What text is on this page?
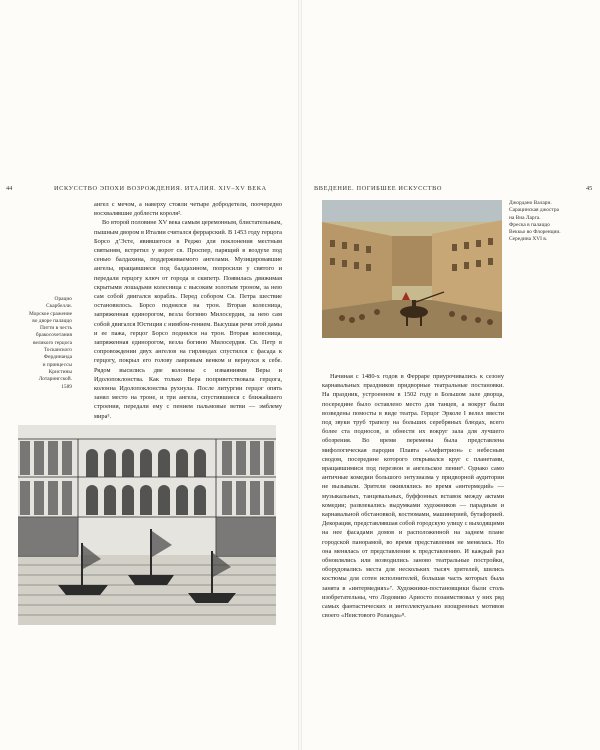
44	ИСКУССТВО ЭПОХИ ВОЗРОЖДЕНИЯ. ИТАЛИЯ. XIV–XV ВЕКА

ангел с мечом, а наверху стояли четыре добродетели, поочередно восхвалявшие доблести короля².

Во второй половине XV века самым церемонным, блистательным, пышным двором в Италии считался феррарский. В 1453 году герцога Борсо д’Эсте, явившегося в Реджо для поклонения местным святыням, встретил у ворот св. Проспер, парящий в воздухе под сенью балдахина, поддерживаемого ангелами. Музицировавшие ангелы, вращавшиеся под балдахином, попросили у святого и передали герцогу ключ от города и скипетр. Появилась движимая скрытыми лошадьми колесница с высоким золотым троном, за нею сам собой двигался корабль. Перед собором Св. Петра шествие остановилось. Борсо поднялся на трон. Вторая колесница, запряженная единорогом, везла богиню Милосердия, за нею сам собой двигался Юстиция с нимбом-гением. Высушая речи этой дамы и ее пажа, герцог Борсо поднялся на трон. Вторая колесница, запряженная единорогом, везла богиню Милосердия. Св. Петр в сопровождении двух ангелов на гирляндах спустился с фасада к герцогу, покрыл его голову лавровым венком и вернулся к себе. Рядом высились две колонны с изваяниями Веры и Идолопоклонства. Как только Вера поприветствовала герцога, колонна Идолопоклонства рухнула. После литургии герцог опять занял место на троне, и три ангела, спустившиеся с ближайшего строения, передали ему с пением пальмовые ветви — эмблему мира⁵.

Орацио

Скарбелли.

Морское сражение

во дворе палаццо

Питти в честь

бракосочетания

великого герцога

Тосканского

Фердинанда

и принцессы

Кристины

Лотарингской.

1589

ВВЕДЕНИЕ. ПОГИБШЕЕ ИСКУССТВО	45

Джордано Валари.

Сарацинская джостра

на Виа Ларга.

Фреска в палаццо

Веккьо во Флоренции.

Середина XVI в.

Начиная с 1480-х годов в Ферраре приурочивались к сезону карнавальных праздников придворные театральные постановки. На праздник, устроенном в 1502 году в Большом зале дворца, посередине было оставлено место для танцев, а вокруг были возведены помосты в виде театра. Герцог Эрколе I велел ввести под звуки труб трапезу на больших серебряных блюдах, всего более ста подносов, и обнести их вокруг зала для лучшего обозрения. Во время перемены была представлена мифологическая пародия Плавта «Амфитрион» с небесным сводом, посередине которого открывался круг с планетами, вращавшимися под перезвон и ангельское пение⁶. Однако само античные комедии большого энтузиазма у придворной аудитории не вызывали. Зрители оживлялись во время «интермедий» — музыкальных, танцевальных, буффонных вставок между актами комедии; развлекались выдумками художников — парадным и карнавальной обстановкой, костюмами, машинерией, бутафорией. Декорация, представлявшая собой городскую улицу с выходящими на нее фасадами домов и расположенной на заднем плане городской панорамой, во время представления не менялась. Но она менялась от представления к представлению. И каждый раз обновлялись или возводились заново театральные постройки, оборудовались места для нескольких тысяч зрителей, шились костюмы для сотен исполнителей, большая часть которых была занята в «интермедиях»⁷. Художники-постановщики были столь изобретательны, что Лодовико Ариосто позаимствовал у них ряд самых фантастических и интеллектуально изощренных мотивов своего «Неистового Роланда»⁸.
